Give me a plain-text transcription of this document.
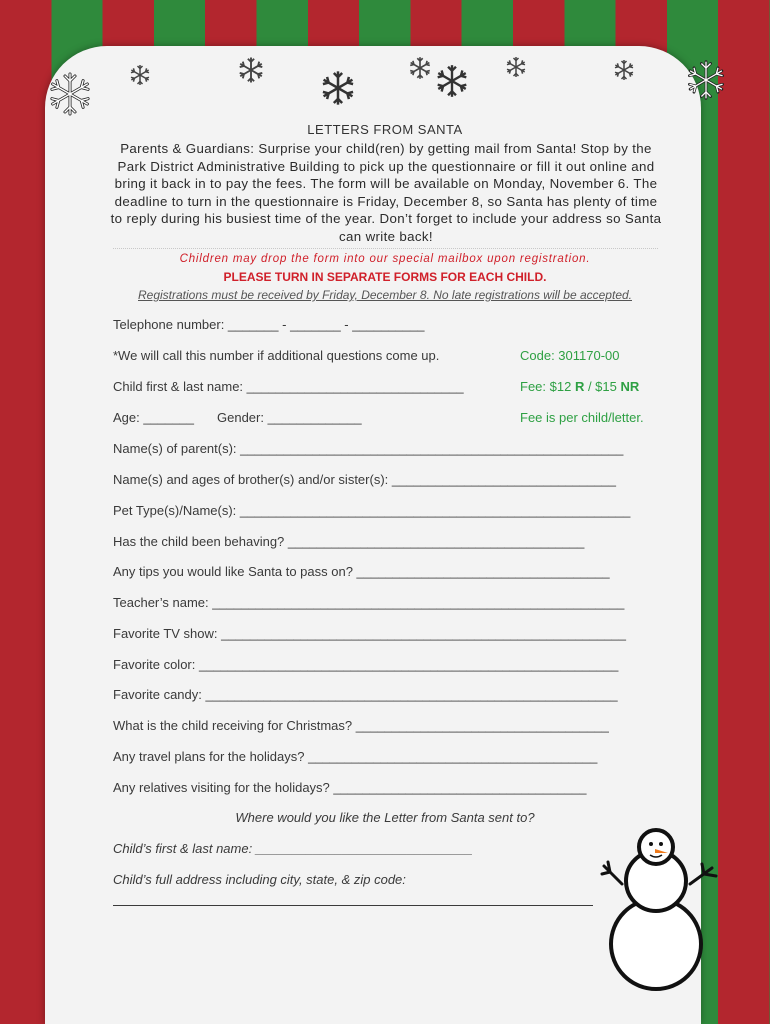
LETTERS FROM SANTA
Parents & Guardians: Surprise your child(ren) by getting mail from Santa! Stop by the Park District Administrative Building to pick up the questionnaire or fill it out online and bring it back in to pay the fees. The form will be available on Monday, November 6. The deadline to turn in the questionnaire is Friday, December 8, so Santa has plenty of time to reply during his busiest time of the year. Don’t forget to include your address so Santa can write back!
Children may drop the form into our special mailbox upon registration.
PLEASE TURN IN SEPARATE FORMS FOR EACH CHILD.
Registrations must be received by Friday, December 8. No late registrations will be accepted.
Telephone number: _______ - _______ - __________
*We will call this number if additional questions come up.	Code: 301170-00
Child first & last name: ______________________________	Fee: $12 R / $15 NR
Age: _______ Gender: _____________	Fee is per child/letter.
Name(s) of parent(s): _____________________________________________________
Name(s) and ages of brother(s) and/or sister(s): _______________________________
Pet Type(s)/Name(s): ______________________________________________________
Has the child been behaving? _________________________________________
Any tips you would like Santa to pass on? ___________________________________
Teacher’s name: _________________________________________________________
Favorite TV show: ________________________________________________________
Favorite color: __________________________________________________________
Favorite candy: _________________________________________________________
What is the child receiving for Christmas? ___________________________________
Any travel plans for the holidays? ________________________________________
Any relatives visiting for the holidays? ___________________________________
Where would you like the Letter from Santa sent to?
Child’s first & last name: ______________________________
Child’s full address including city, state, & zip code:
